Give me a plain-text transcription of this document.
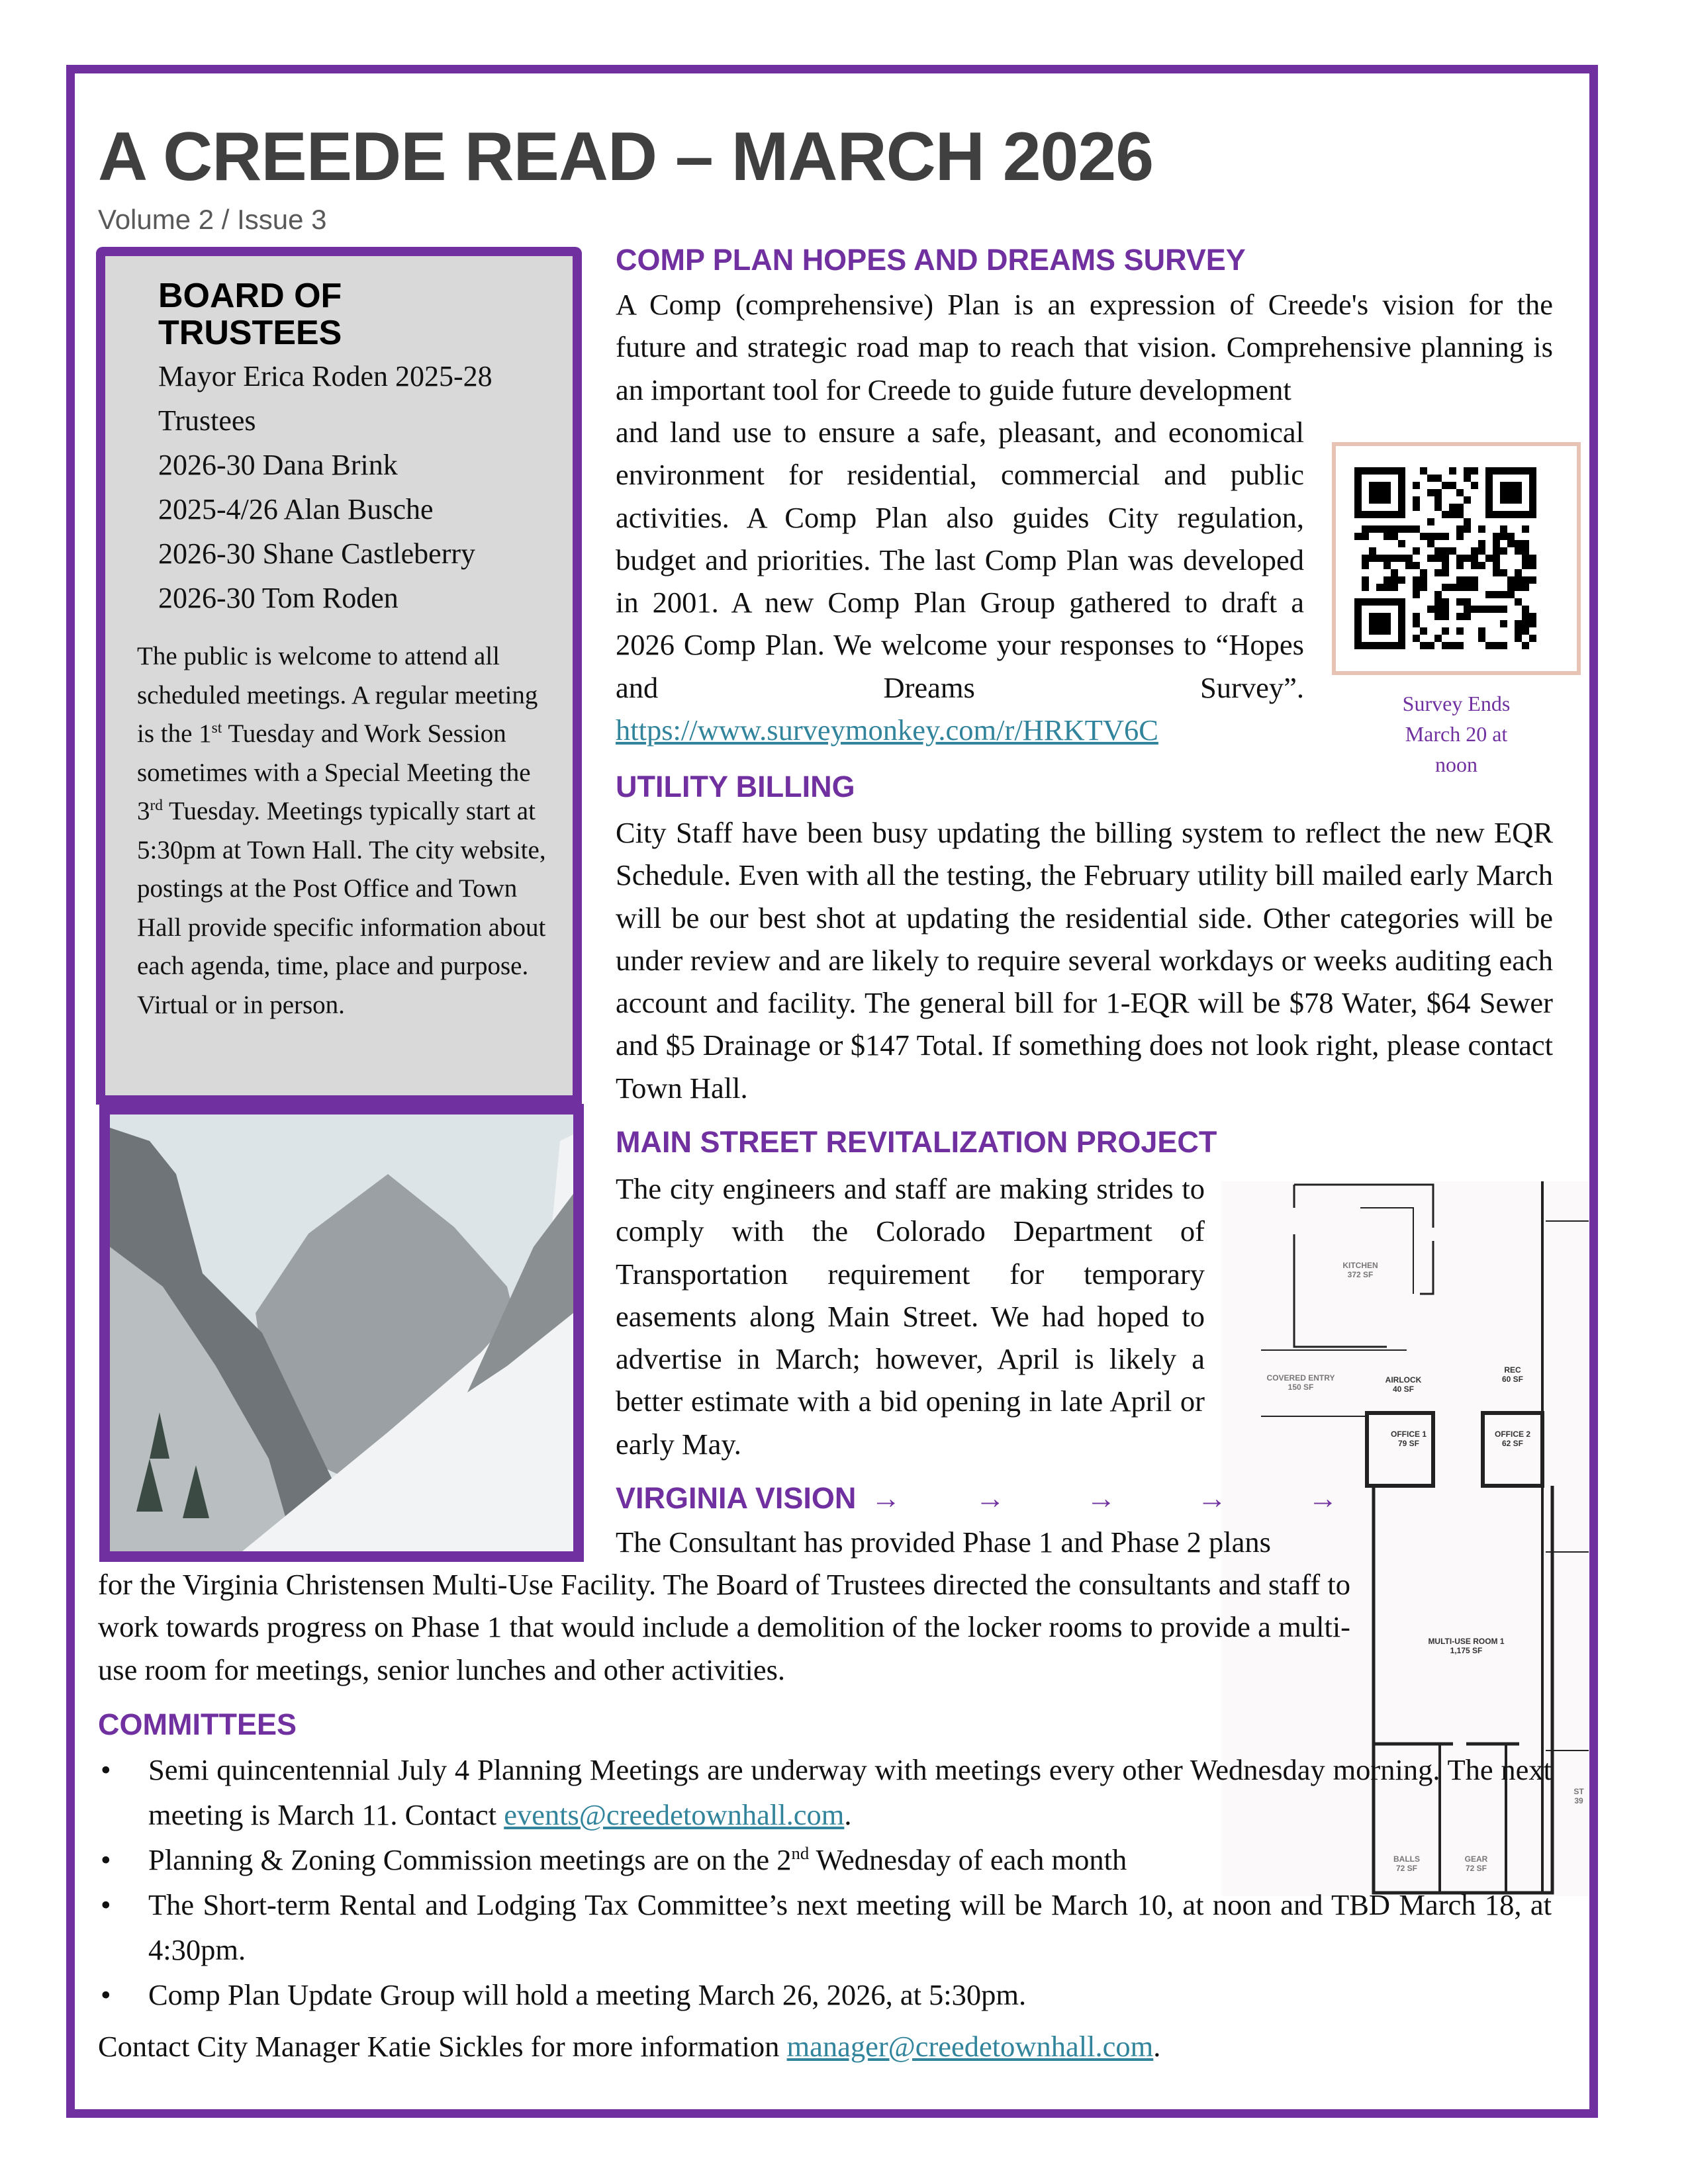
A CREEDE READ – MARCH 2026
Volume 2 / Issue 3
BOARD OF
TRUSTEES
Mayor Erica Roden 2025-28
Trustees
2026-30 Dana Brink
2025-4/26 Alan Busche
2026-30 Shane Castleberry
2026-30 Tom Roden
The public is welcome to attend all scheduled meetings. A regular meeting is the 1st Tuesday and Work Session sometimes with a Special Meeting the 3rd Tuesday. Meetings typically start at 5:30pm at Town Hall. The city website, postings at the Post Office and Town Hall provide specific information about each agenda, time, place and purpose. Virtual or in person.
COMP PLAN HOPES AND DREAMS SURVEY
A Comp (comprehensive) Plan is an expression of Creede's vision for the future and strategic road map to reach that vision. Comprehensive planning is an important tool for Creede to guide future development
and land use to ensure a safe, pleasant, and economical environment for residential, commercial and public activities. A Comp Plan also guides City regulation, budget and priorities. The last Comp Plan was developed in 2001. A new Comp Plan Group gathered to draft a 2026 Comp Plan. We welcome your responses to “Hopes and Dreams Survey”. https://www.surveymonkey.com/r/HRKTV6C
Survey Ends March 20 at noon
UTILITY BILLING
City Staff have been busy updating the billing system to reflect the new EQR Schedule. Even with all the testing, the February utility bill mailed early March will be our best shot at updating the residential side. Other categories will be under review and are likely to require several workdays or weeks auditing each account and facility. The general bill for 1-EQR will be $78 Water, $64 Sewer and $5 Drainage or $147 Total. If something does not look right, please contact Town Hall.
MAIN STREET REVITALIZATION PROJECT
The city engineers and staff are making strides to comply with the Colorado Department of Transportation requirement for temporary easements along Main Street. We had hoped to advertise in March; however, April is likely a better estimate with a bid opening in late April or early May.
KITCHEN
372 SF
COVERED ENTRY
150 SF
AIRLOCK
40 SF
REC
60 SF
OFFICE 1
79 SF
OFFICE 2
62 SF
MULTI-USE ROOM 1
1,175 SF
BALLS
72 SF
GEAR
72 SF
ST
39
VIRGINIA VISION →	→	→	→	→
The Consultant has provided Phase 1 and Phase 2 plans
for the Virginia Christensen Multi-Use Facility. The Board of Trustees directed the consultants and staff to work towards progress on Phase 1 that would include a demolition of the locker rooms to provide a multi-use room for meetings, senior lunches and other activities.
COMMITTEES
• Semi quincentennial July 4 Planning Meetings are underway with meetings every other Wednesday morning. The next meeting is March 11. Contact events@creedetownhall.com.
• Planning & Zoning Commission meetings are on the 2nd Wednesday of each month
• The Short-term Rental and Lodging Tax Committee’s next meeting will be March 10, at noon and TBD March 18, at 4:30pm.
• Comp Plan Update Group will hold a meeting March 26, 2026, at 5:30pm.
Contact City Manager Katie Sickles for more information manager@creedetownhall.com.
